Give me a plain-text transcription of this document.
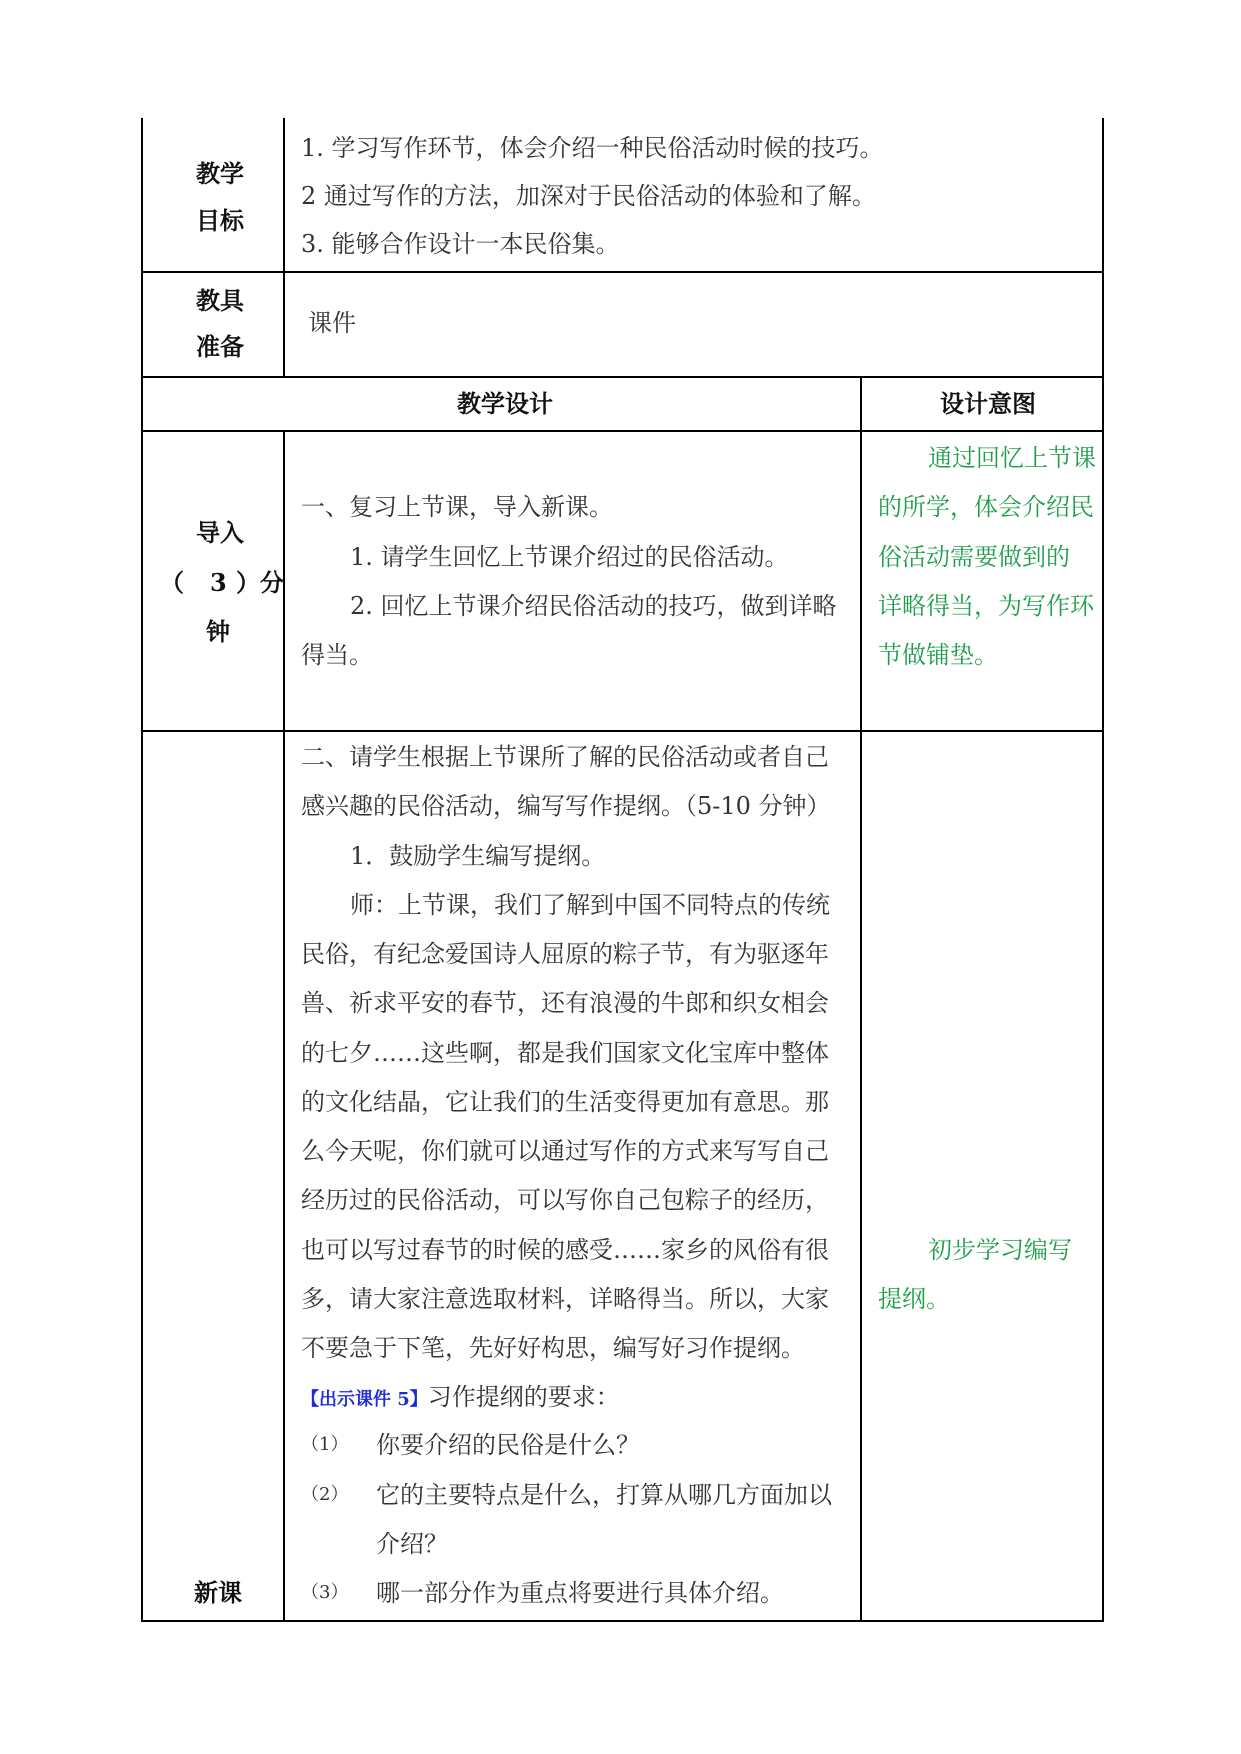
教学
目标
1. 学习写作环节，体会介绍一种民俗活动时候的技巧。
2 通过写作的方法，加深对于民俗活动的体验和了解。
3. 能够合作设计一本民俗集。
教具
准备
课件
教学设计	设计意图
导入
（ 3 ）分
钟
一、复习上节课，导入新课。
1. 请学生回忆上节课介绍过的民俗活动。
2. 回忆上节课介绍民俗活动的技巧，做到详略
得当。
通过回忆上节课
的所学，体会介绍民
俗活动需要做到的
详略得当，为写作环
节做铺垫。
二、请学生根据上节课所了解的民俗活动或者自己
感兴趣的民俗活动，编写写作提纲。（5-10 分钟）
1．鼓励学生编写提纲。
师：上节课，我们了解到中国不同特点的传统
民俗，有纪念爱国诗人屈原的粽子节，有为驱逐年
兽、祈求平安的春节，还有浪漫的牛郎和织女相会
的七夕……这些啊，都是我们国家文化宝库中整体
的文化结晶，它让我们的生活变得更加有意思。那
么今天呢，你们就可以通过写作的方式来写写自己
经历过的民俗活动，可以写你自己包粽子的经历，
也可以写过春节的时候的感受……家乡的风俗有很
多，请大家注意选取材料，详略得当。所以，大家
不要急于下笔，先好好构思，编写好习作提纲。
【出示课件 5】习作提纲的要求：
（1） 你要介绍的民俗是什么？
（2） 它的主要特点是什么，打算从哪几方面加以
介绍？
（3） 哪一部分作为重点将要进行具体介绍。
新课
初步学习编写
提纲。
